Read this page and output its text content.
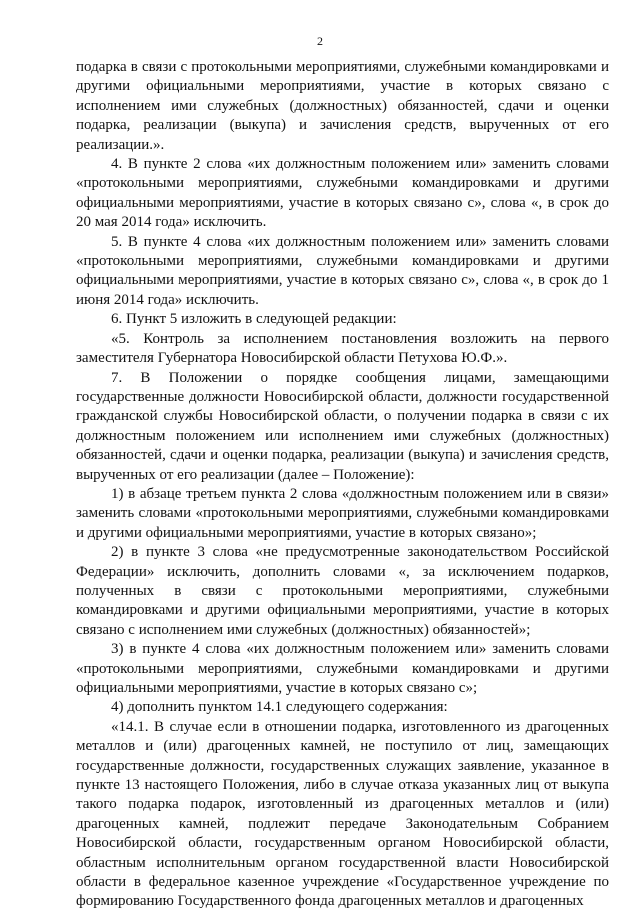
2

подарка в связи с протокольными мероприятиями, служебными командировками и другими официальными мероприятиями, участие в которых связано с исполнением ими служебных (должностных) обязанностей, сдачи и оценки подарка, реализации (выкупа) и зачисления средств, вырученных от его реализации.».

4. В пункте 2 слова «их должностным положением или» заменить словами «протокольными мероприятиями, служебными командировками и другими официальными мероприятиями, участие в которых связано с», слова «, в срок до 20 мая 2014 года» исключить.

5. В пункте 4 слова «их должностным положением или» заменить словами «протокольными мероприятиями, служебными командировками и другими официальными мероприятиями, участие в которых связано с», слова «, в срок до 1 июня 2014 года» исключить.

6. Пункт 5 изложить в следующей редакции:

«5. Контроль за исполнением постановления возложить на первого заместителя Губернатора Новосибирской области Петухова Ю.Ф.».

7. В Положении о порядке сообщения лицами, замещающими государственные должности Новосибирской области, должности государственной гражданской службы Новосибирской области, о получении подарка в связи с их должностным положением или исполнением ими служебных (должностных) обязанностей, сдачи и оценки подарка, реализации (выкупа) и зачисления средств, вырученных от его реализации (далее – Положение):

1) в абзаце третьем пункта 2 слова «должностным положением или в связи» заменить словами «протокольными мероприятиями, служебными командировками и другими официальными мероприятиями, участие в которых связано»;

2) в пункте 3 слова «не предусмотренные законодательством Российской Федерации» исключить, дополнить словами «, за исключением подарков, полученных в связи с протокольными мероприятиями, служебными командировками и другими официальными мероприятиями, участие в которых связано с исполнением ими служебных (должностных) обязанностей»;

3) в пункте 4 слова «их должностным положением или» заменить словами «протокольными мероприятиями, служебными командировками и другими официальными мероприятиями, участие в которых связано с»;

4) дополнить пунктом 14.1 следующего содержания:

«14.1. В случае если в отношении подарка, изготовленного из драгоценных металлов и (или) драгоценных камней, не поступило от лиц, замещающих государственные должности, государственных служащих заявление, указанное в пункте 13 настоящего Положения, либо в случае отказа указанных лиц от выкупа такого подарка подарок, изготовленный из драгоценных металлов и (или) драгоценных камней, подлежит передаче Законодательным Собранием Новосибирской области, государственным органом Новосибирской области, областным исполнительным органом государственной власти Новосибирской области в федеральное казенное учреждение «Государственное учреждение по формированию Государственного фонда драгоценных металлов и драгоценных
